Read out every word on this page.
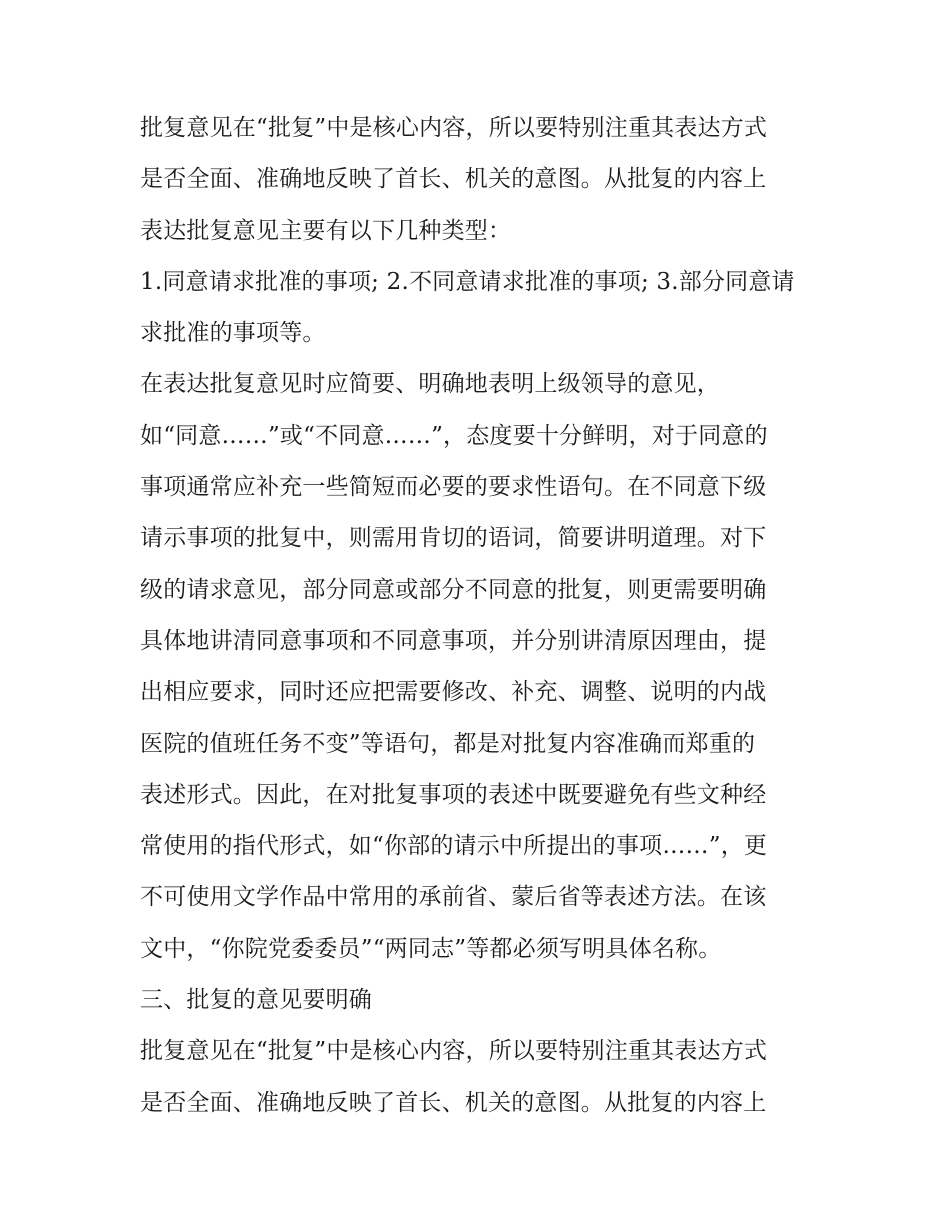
批复意见在“批复”中是核心内容，所以要特别注重其表达方式
是否全面、准确地反映了首长、机关的意图。从批复的内容上
表达批复意见主要有以下几种类型：
1.同意请求批准的事项; 2.不同意请求批准的事项; 3.部分同意请
求批准的事项等。
在表达批复意见时应简要、明确地表明上级领导的意见，
如“同意……”或“不同意……”，态度要十分鲜明，对于同意的
事项通常应补充一些简短而必要的要求性语句。在不同意下级
请示事项的批复中，则需用肯切的语词，简要讲明道理。对下
级的请求意见，部分同意或部分不同意的批复，则更需要明确
具体地讲清同意事项和不同意事项，并分别讲清原因理由，提
出相应要求，同时还应把需要修改、补充、调整、说明的内战
医院的值班任务不变”等语句，都是对批复内容准确而郑重的
表述形式。因此，在对批复事项的表述中既要避免有些文种经
常使用的指代形式，如“你部的请示中所提出的事项……”，更
不可使用文学作品中常用的承前省、蒙后省等表述方法。在该
文中，“你院党委委员”“两同志”等都必须写明具体名称。
三、批复的意见要明确
批复意见在“批复”中是核心内容，所以要特别注重其表达方式
是否全面、准确地反映了首长、机关的意图。从批复的内容上
